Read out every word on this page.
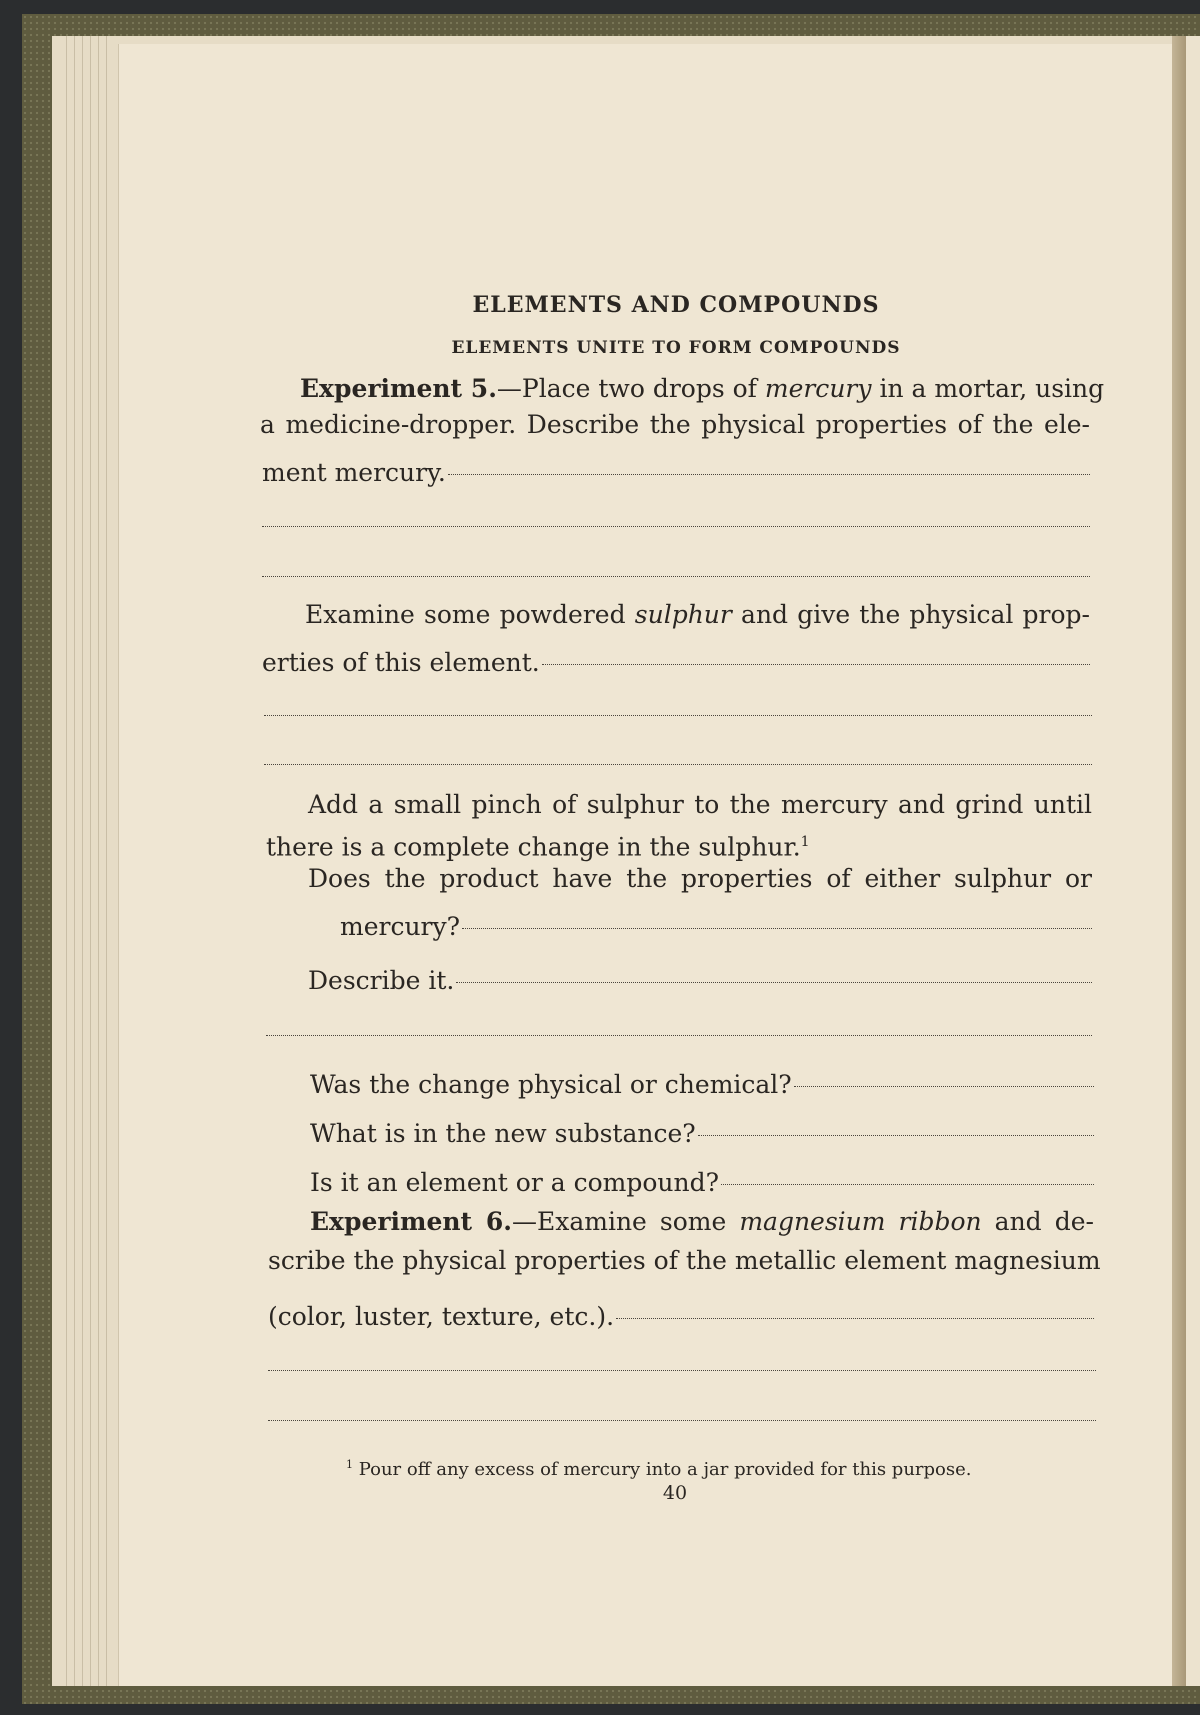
ELEMENTS AND COMPOUNDS
ELEMENTS UNITE TO FORM COMPOUNDS
Experiment 5.—Place two drops of mercury in a mortar, using
a medicine-dropper. Describe the physical properties of the ele-
ment mercury.
Examine some powdered sulphur and give the physical prop-
erties of this element.
Add a small pinch of sulphur to the mercury and grind until
there is a complete change in the sulphur.$^1$
Does the product have the properties of either sulphur or
mercury?
Describe it.
Was the change physical or chemical?
What is in the new substance?
Is it an element or a compound?
Experiment 6.—Examine some magnesium ribbon and de-
scribe the physical properties of the metallic element magnesium
(color, luster, texture, etc.).
$^1$ Pour off any excess of mercury into a jar provided for this purpose.
40
